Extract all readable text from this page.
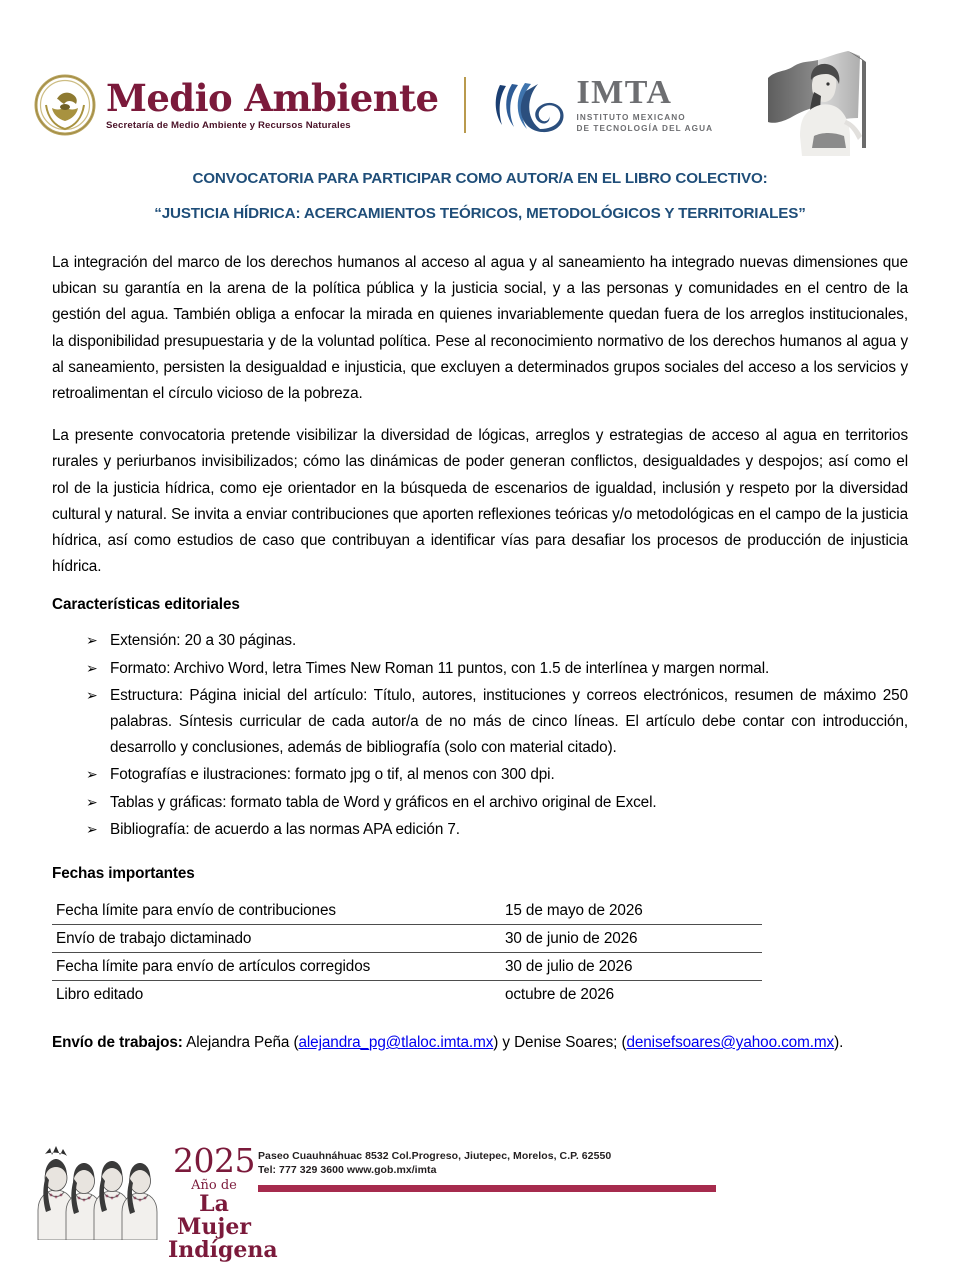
Medio Ambiente
Secretaría de Medio Ambiente y Recursos Naturales
IMTA
INSTITUTO MEXICANO
DE TECNOLOGÍA DEL AGUA
CONVOCATORIA PARA PARTICIPAR COMO AUTOR/A EN EL LIBRO COLECTIVO:
“JUSTICIA HÍDRICA: ACERCAMIENTOS TEÓRICOS, METODOLÓGICOS Y TERRITORIALES”

La integración del marco de los derechos humanos al acceso al agua y al saneamiento ha integrado nuevas dimensiones que ubican su garantía en la arena de la política pública y la justicia social, y a las personas y comunidades en el centro de la gestión del agua. También obliga a enfocar la mirada en quienes invariablemente quedan fuera de los arreglos institucionales, la disponibilidad presupuestaria y de la voluntad política. Pese al reconocimiento normativo de los derechos humanos al agua y al saneamiento, persisten la desigualdad e injusticia, que excluyen a determinados grupos sociales del acceso a los servicios y retroalimentan el círculo vicioso de la pobreza.

La presente convocatoria pretende visibilizar la diversidad de lógicas, arreglos y estrategias de acceso al agua en territorios rurales y periurbanos invisibilizados; cómo las dinámicas de poder generan conflictos, desigualdades y despojos; así como el rol de la justicia hídrica, como eje orientador en la búsqueda de escenarios de igualdad, inclusión y respeto por la diversidad cultural y natural. Se invita a enviar contribuciones que aporten reflexiones teóricas y/o metodológicas en el campo de la justicia hídrica, así como estudios de caso que contribuyan a identificar vías para desafiar los procesos de producción de injusticia hídrica.

Características editoriales
➢ Extensión: 20 a 30 páginas.
➢ Formato: Archivo Word, letra Times New Roman 11 puntos, con 1.5 de interlínea y margen normal.
➢ Estructura: Página inicial del artículo: Título, autores, instituciones y correos electrónicos, resumen de máximo 250 palabras. Síntesis curricular de cada autor/a de no más de cinco líneas. El artículo debe contar con introducción, desarrollo y conclusiones, además de bibliografía (solo con material citado).
➢ Fotografías e ilustraciones: formato jpg o tif, al menos con 300 dpi.
➢ Tablas y gráficas: formato tabla de Word y gráficos en el archivo original de Excel.
➢ Bibliografía: de acuerdo a las normas APA edición 7.
Fechas importantes
Fecha límite para envío de contribuciones	15 de mayo de 2026
Envío de trabajo dictaminado	30 de junio de 2026
Fecha límite para envío de artículos corregidos	30 de julio de 2026
Libro editado	octubre de 2026

Envío de trabajos: Alejandra Peña (alejandra_pg@tlaloc.imta.mx) y Denise Soares; (denisefsoares@yahoo.com.mx).

2025
Año de
La Mujer
Indígena
Paseo Cuauhnáhuac 8532 Col.Progreso, Jiutepec, Morelos, C.P. 62550
Tel: 777 329 3600 www.gob.mx/imta
